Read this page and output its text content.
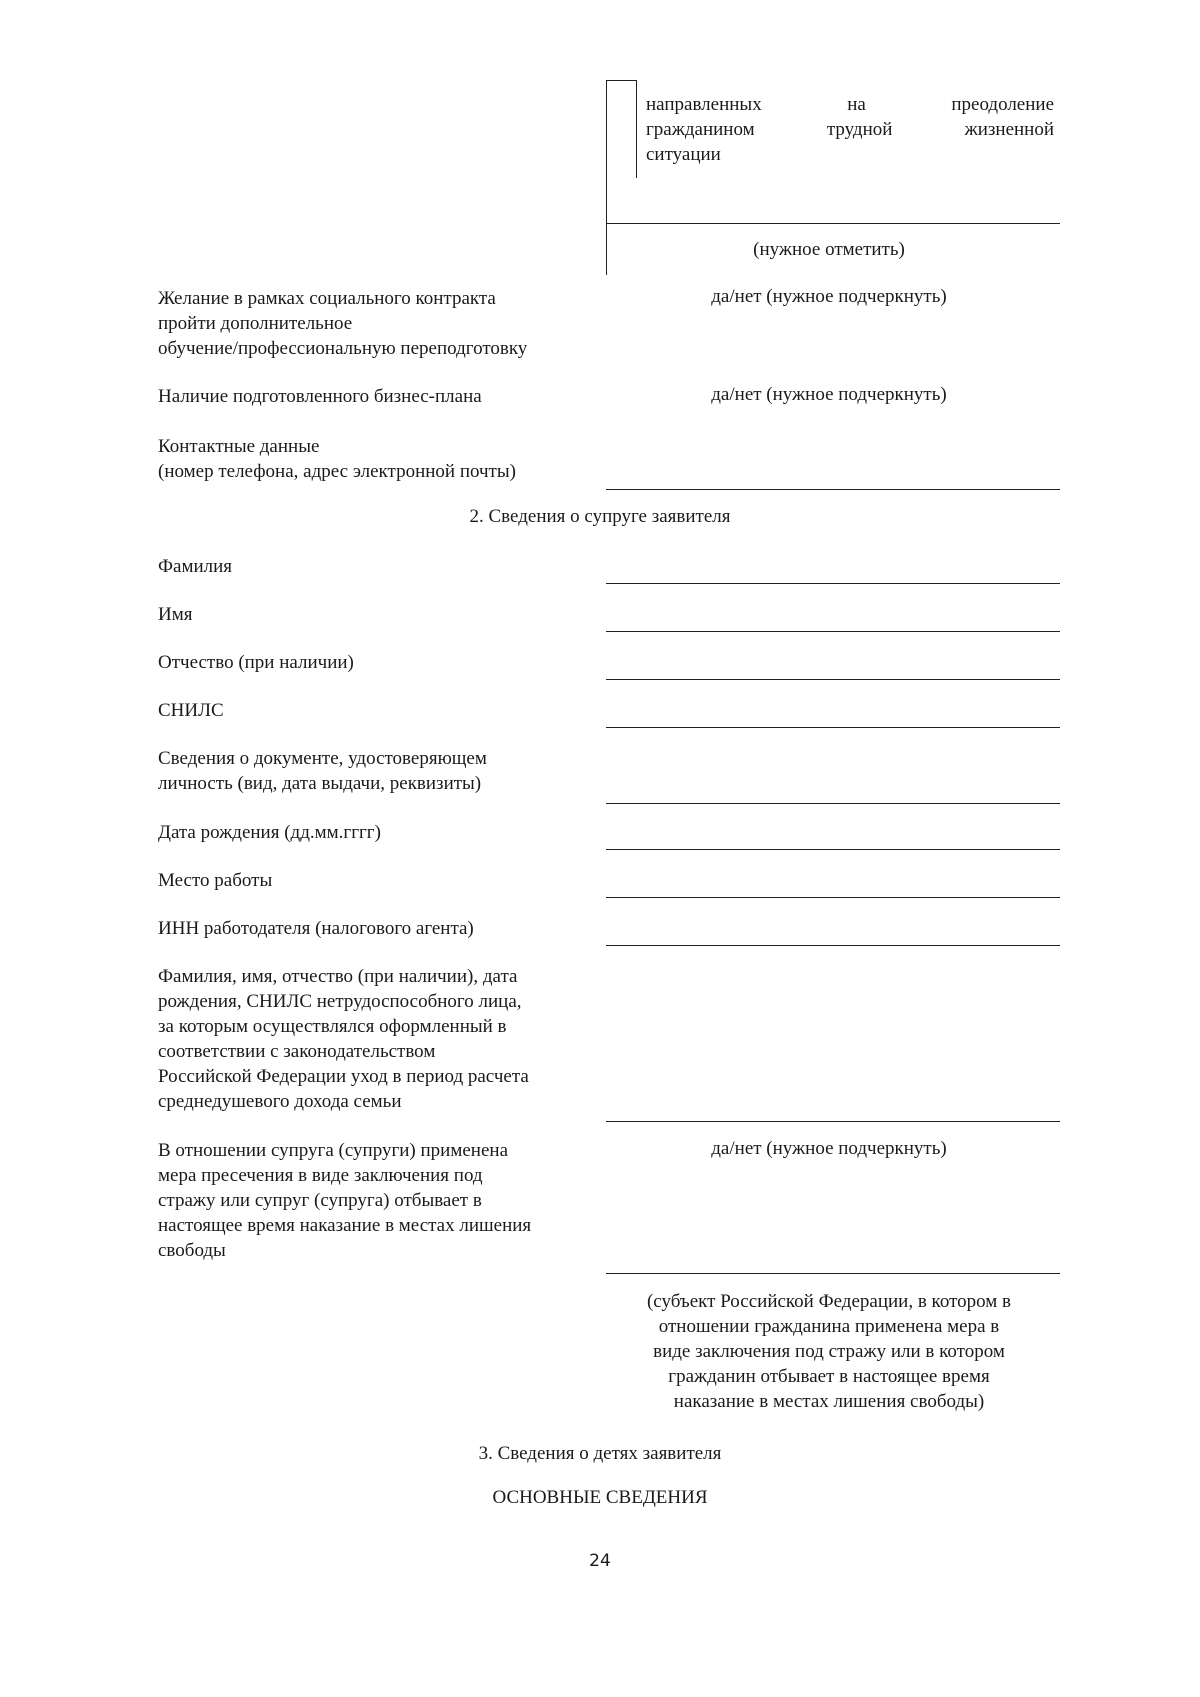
направленных	на	преодоление
гражданином	трудной	жизненной
ситуации
(нужное отметить)

Желание в рамках социального контракта
пройти дополнительное
обучение/профессиональную переподготовку

да/нет (нужное подчеркнуть)

Наличие подготовленного бизнес-плана	да/нет (нужное подчеркнуть)

Контактные данные
(номер телефона, адрес электронной почты)

2. Сведения о супруге заявителя

Фамилия

Имя

Отчество (при наличии)

СНИЛС

Сведения о документе, удостоверяющем
личность (вид, дата выдачи, реквизиты)

Дата рождения (дд.мм.гггг)

Место работы

ИНН работодателя (налогового агента)

Фамилия, имя, отчество (при наличии), дата
рождения, СНИЛС нетрудоспособного лица,
за которым осуществлялся оформленный в
соответствии с законодательством
Российской Федерации уход в период расчета
среднедушевого дохода семьи

В отношении супруга (супруги) применена
мера пресечения в виде заключения под
стражу или супруг (супруга) отбывает в
настоящее время наказание в местах лишения
свободы

да/нет (нужное подчеркнуть)
(субъект Российской Федерации, в котором в
отношении гражданина применена мера в
виде заключения под стражу или в котором
гражданин отбывает в настоящее время
наказание в местах лишения свободы)
3. Сведения о детях заявителя
ОСНОВНЫЕ СВЕДЕНИЯ
24
